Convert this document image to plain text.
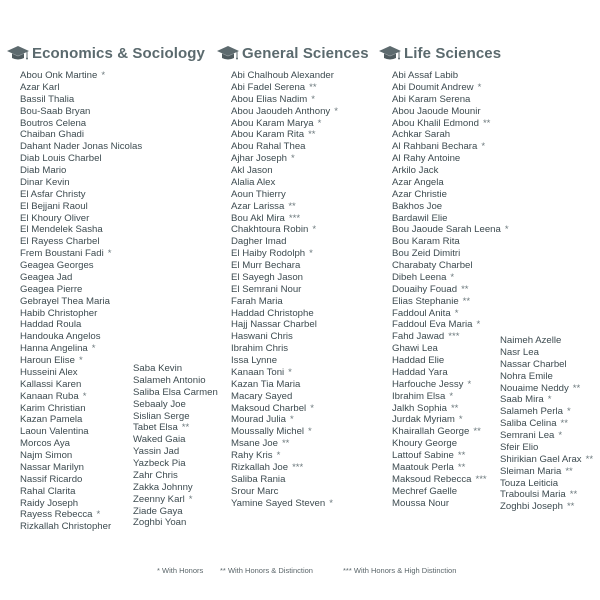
Economics & Sociology
Abou Onk Martine *
Azar Karl
Bassil Thalia
Bou-Saab Bryan
Boutros Celena
Chaiban Ghadi
Dahant Nader Jonas Nicolas
Diab Louis Charbel
Diab Mario
Dinar Kevin
El Asfar Christy
El Bejjani Raoul
El Khoury Oliver
El Mendelek Sasha
El Rayess Charbel
Frem Boustani Fadi *
Geagea Georges
Geagea Jad
Geagea Pierre
Gebrayel Thea Maria
Habib Christopher
Haddad Roula
Handouka Angelos
Hanna Angelina *
Haroun Elise *
Husseini Alex
Kallassi Karen
Kanaan Ruba *
Karim Christian
Kazan Pamela
Laoun Valentina
Morcos Aya
Najm Simon
Nassar Marilyn
Nassif Ricardo
Rahal Clarita
Raidy Joseph
Rayess Rebecca *
Rizkallah Christopher
Saba Kevin
Salameh Antonio
Saliba Elsa Carmen
Sebaaly Joe
Sislian Serge
Tabet Elsa **
Waked Gaia
Yassin Jad
Yazbeck Pia
Zahr Chris
Zakka Johnny
Zeenny Karl *
Ziade Gaya
Zoghbi Yoan
General Sciences
Abi Chalhoub Alexander
Abi Fadel Serena **
Abou Elias Nadim *
Abou Jaoudeh Anthony *
Abou Karam Marya *
Abou Karam Rita **
Abou Rahal Thea
Ajhar Joseph *
Akl Jason
Alalia Alex
Aoun Thierry
Azar Larissa **
Bou Akl Mira ***
Chakhtoura Robin *
Dagher Imad
El Haiby Rodolph *
El Murr Bechara
El Sayegh Jason
El Semrani Nour
Farah Maria
Haddad Christophe
Hajj Nassar Charbel
Haswani Chris
Ibrahim Chris
Issa Lynne
Kanaan Toni *
Kazan Tia Maria
Macary Sayed
Maksoud Charbel *
Mourad Julia *
Moussally Michel *
Msane Joe **
Rahy Kris *
Rizkallah Joe ***
Saliba Rania
Srour Marc
Yamine Sayed Steven *
Life Sciences
Abi Assaf Labib
Abi Doumit Andrew *
Abi Karam Serena
Abou Jaoude Mounir
Abou Khalil Edmond **
Achkar Sarah
Al Rahbani Bechara *
Al Rahy Antoine
Arkilo Jack
Azar Angela
Azar Christie
Bakhos Joe
Bardawil Elie
Bou Jaoude Sarah Leena *
Bou Karam Rita
Bou Zeid Dimitri
Charabaty Charbel
Dibeh Leena *
Douaihy Fouad **
Elias Stephanie **
Faddoul Anita *
Faddoul Eva Maria *
Fahd Jawad ***
Ghawi Lea
Haddad Elie
Haddad Yara
Harfouche Jessy *
Ibrahim Elsa *
Jalkh Sophia **
Jurdak Myriam *
Khairallah George **
Khoury George
Lattouf Sabine **
Maatouk Perla **
Maksoud Rebecca ***
Mechref Gaelle
Moussa Nour
Naimeh Azelle
Nasr Lea
Nassar Charbel
Nohra Emile
Nouaime Neddy **
Saab Mira *
Salameh Perla *
Saliba Celina **
Semrani Lea *
Sfeir Elio
Shirikian Gael Arax **
Sleiman Maria **
Touza Leiticia
Traboulsi Maria **
Zoghbi Joseph **
* With Honors ** With Honors & Distinction	*** With Honors & High Distinction
